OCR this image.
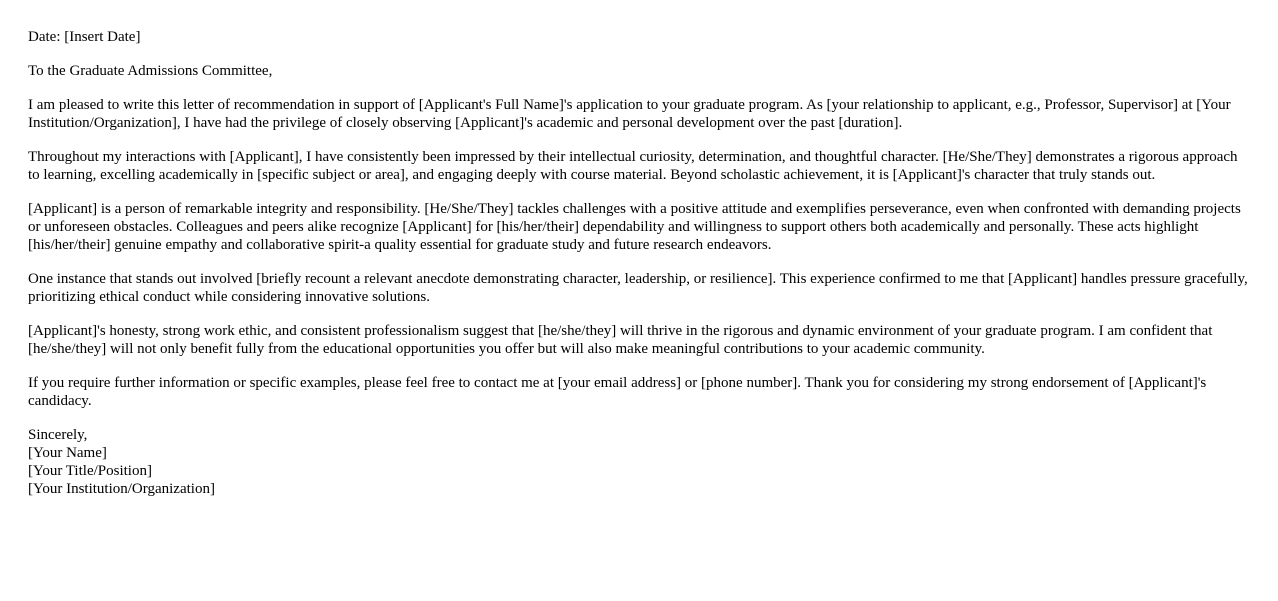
Date: [Insert Date]

To the Graduate Admissions Committee,

I am pleased to write this letter of recommendation in support of [Applicant's Full Name]'s application to your graduate program. As [your relationship to applicant, e.g., Professor, Supervisor] at [Your Institution/Organization], I have had the privilege of closely observing [Applicant]'s academic and personal development over the past [duration].

Throughout my interactions with [Applicant], I have consistently been impressed by their intellectual curiosity, determination, and thoughtful character. [He/She/They] demonstrates a rigorous approach to learning, excelling academically in [specific subject or area], and engaging deeply with course material. Beyond scholastic achievement, it is [Applicant]'s character that truly stands out.

[Applicant] is a person of remarkable integrity and responsibility. [He/She/They] tackles challenges with a positive attitude and exemplifies perseverance, even when confronted with demanding projects or unforeseen obstacles. Colleagues and peers alike recognize [Applicant] for [his/her/their] dependability and willingness to support others both academically and personally. These acts highlight [his/her/their] genuine empathy and collaborative spirit-a quality essential for graduate study and future research endeavors.

One instance that stands out involved [briefly recount a relevant anecdote demonstrating character, leadership, or resilience]. This experience confirmed to me that [Applicant] handles pressure gracefully, prioritizing ethical conduct while considering innovative solutions.

[Applicant]'s honesty, strong work ethic, and consistent professionalism suggest that [he/she/they] will thrive in the rigorous and dynamic environment of your graduate program. I am confident that [he/she/they] will not only benefit fully from the educational opportunities you offer but will also make meaningful contributions to your academic community.

If you require further information or specific examples, please feel free to contact me at [your email address] or [phone number]. Thank you for considering my strong endorsement of [Applicant]'s candidacy.

Sincerely,
[Your Name]
[Your Title/Position]
[Your Institution/Organization]
